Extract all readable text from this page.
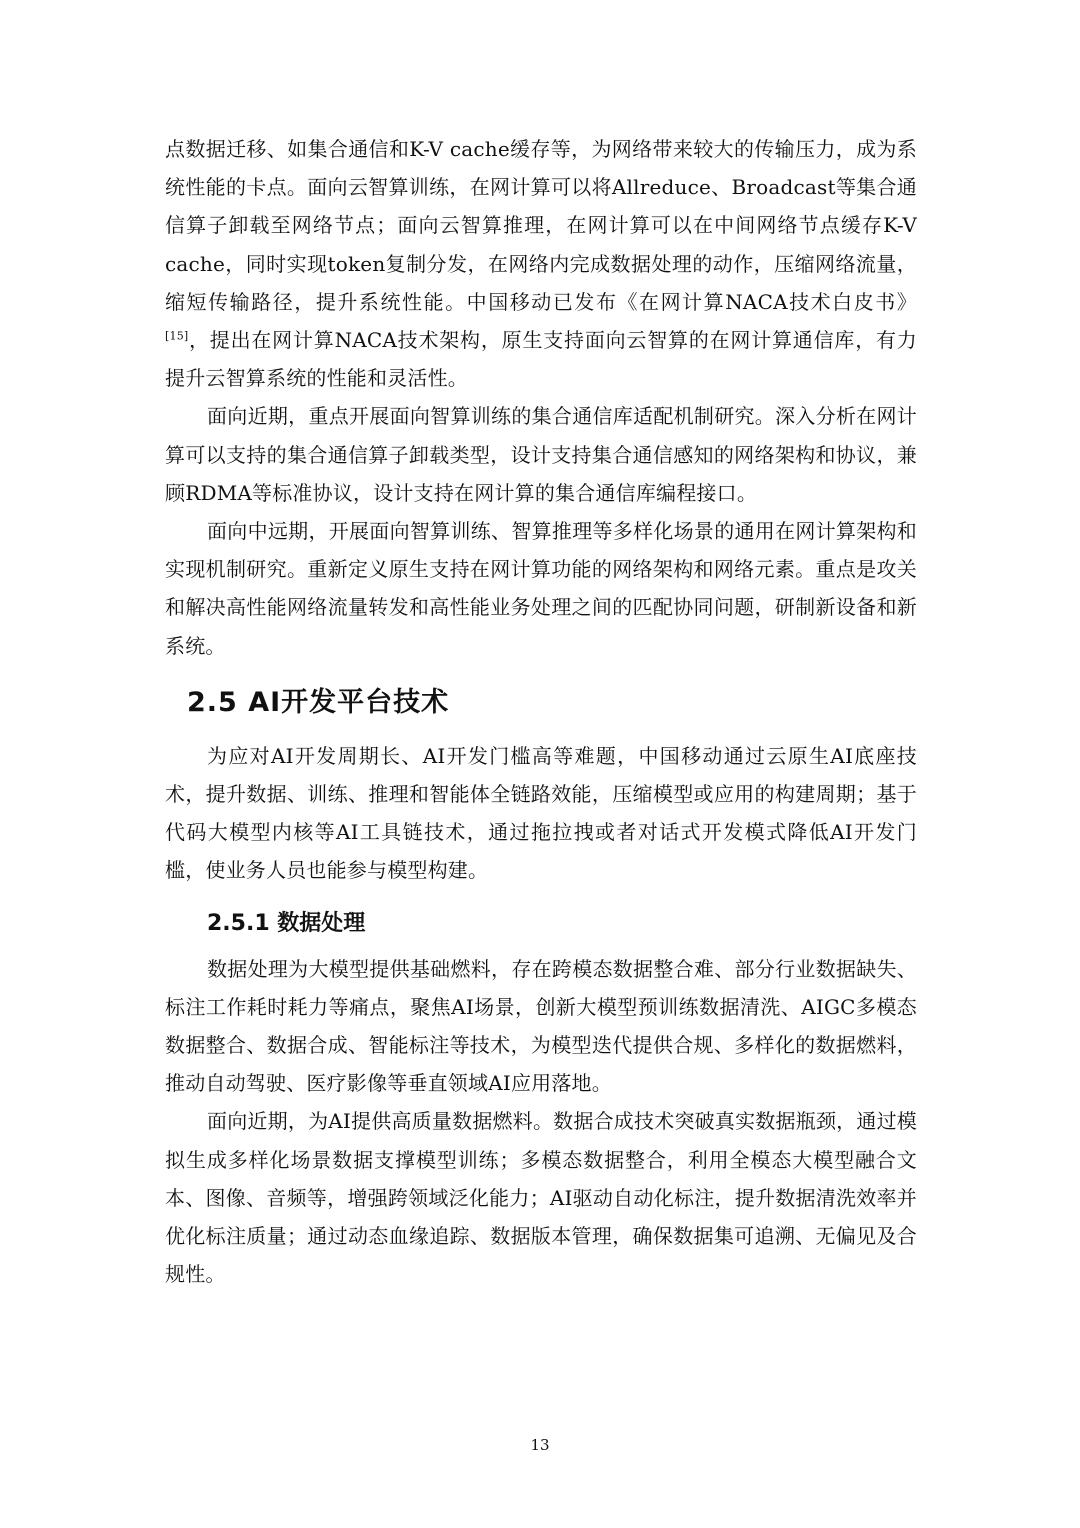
点数据迁移、如集合通信和K-V cache缓存等，为网络带来较大的传输压力，成为系统性能的卡点。面向云智算训练，在网计算可以将Allreduce、Broadcast等集合通信算子卸载至网络节点；面向云智算推理，在网计算可以在中间网络节点缓存K-V cache，同时实现token复制分发，在网络内完成数据处理的动作，压缩网络流量，缩短传输路径，提升系统性能。中国移动已发布《在网计算NACA技术白皮书》[15]，提出在网计算NACA技术架构，原生支持面向云智算的在网计算通信库，有力提升云智算系统的性能和灵活性。

面向近期，重点开展面向智算训练的集合通信库适配机制研究。深入分析在网计算可以支持的集合通信算子卸载类型，设计支持集合通信感知的网络架构和协议，兼顾RDMA等标准协议，设计支持在网计算的集合通信库编程接口。

面向中远期，开展面向智算训练、智算推理等多样化场景的通用在网计算架构和实现机制研究。重新定义原生支持在网计算功能的网络架构和网络元素。重点是攻关和解决高性能网络流量转发和高性能业务处理之间的匹配协同问题，研制新设备和新系统。

2.5 AI开发平台技术

为应对AI开发周期长、AI开发门槛高等难题，中国移动通过云原生AI底座技术，提升数据、训练、推理和智能体全链路效能，压缩模型或应用的构建周期；基于代码大模型内核等AI工具链技术，通过拖拉拽或者对话式开发模式降低AI开发门槛，使业务人员也能参与模型构建。

2.5.1 数据处理

数据处理为大模型提供基础燃料，存在跨模态数据整合难、部分行业数据缺失、标注工作耗时耗力等痛点，聚焦AI场景，创新大模型预训练数据清洗、AIGC多模态数据整合、数据合成、智能标注等技术，为模型迭代提供合规、多样化的数据燃料，推动自动驾驶、医疗影像等垂直领域AI应用落地。

面向近期，为AI提供高质量数据燃料。数据合成技术突破真实数据瓶颈，通过模拟生成多样化场景数据支撑模型训练；多模态数据整合，利用全模态大模型融合文本、图像、音频等，增强跨领域泛化能力；AI驱动自动化标注，提升数据清洗效率并优化标注质量；通过动态血缘追踪、数据版本管理，确保数据集可追溯、无偏见及合规性。

13
